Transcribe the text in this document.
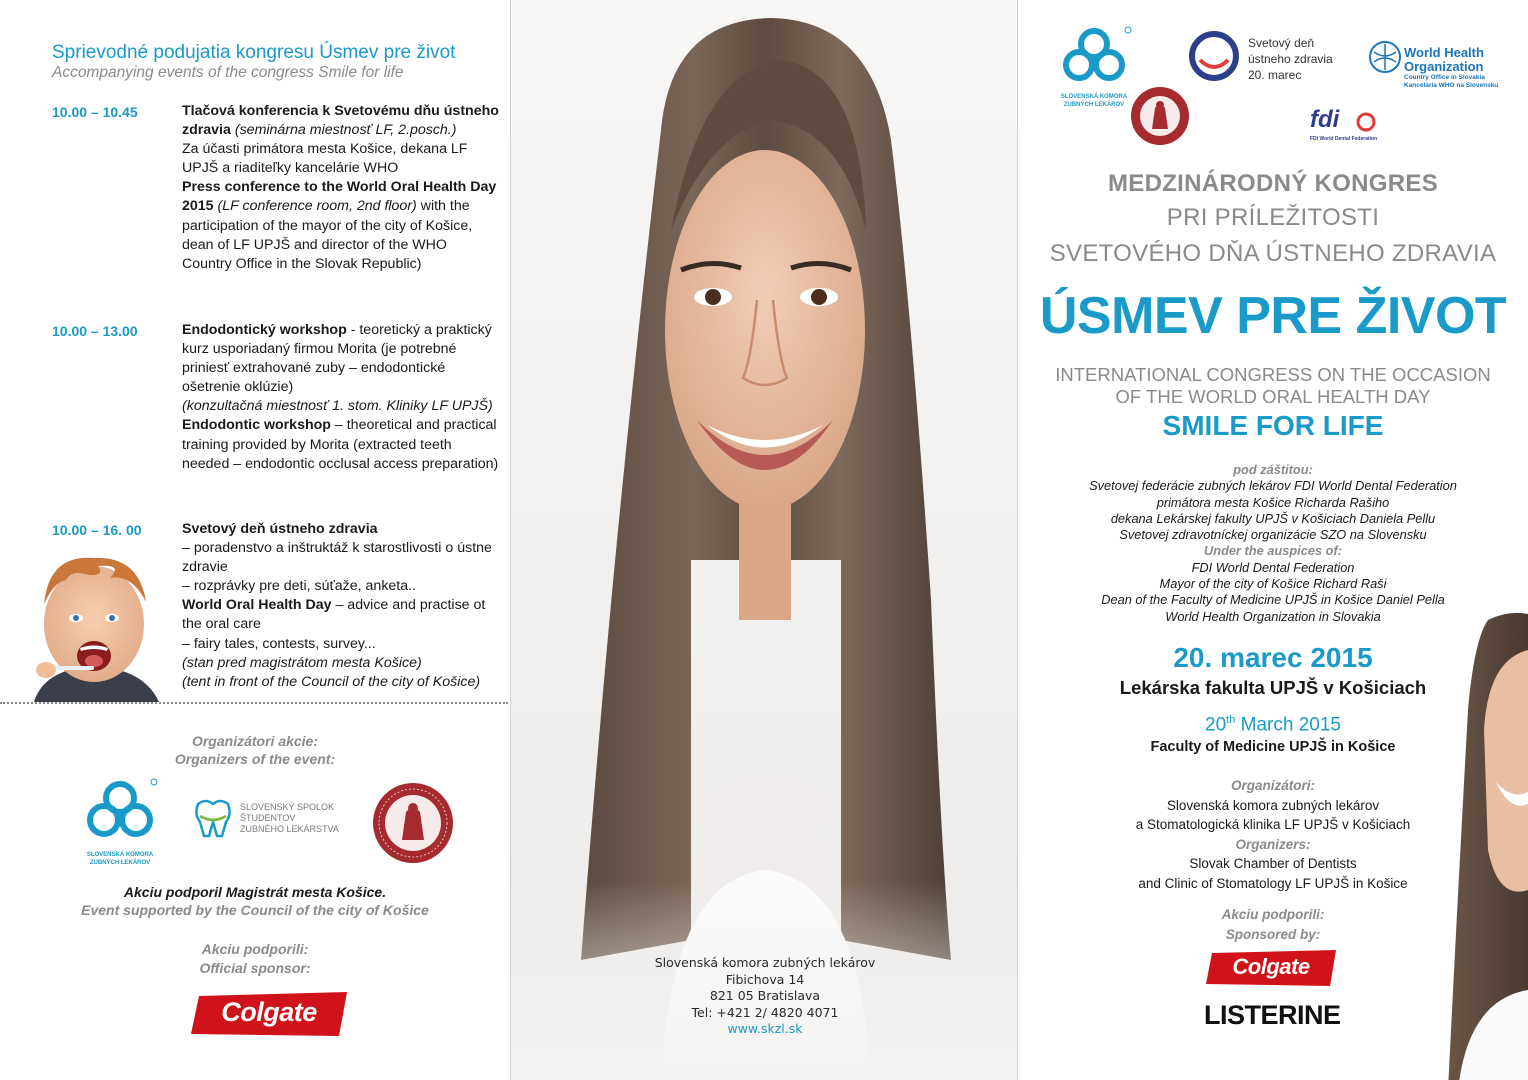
Sprievodné podujatia kongresu Úsmev pre život
Accompanying events of the congress Smile for life
10.00 – 10.45	Tlačová konferencia k Svetovému dňu ústneho zdravia (seminárna miestnosť LF, 2.posch.)
Za účasti primátora mesta Košice, dekana LF UPJŠ a riaditeľky kancelárie WHO
Press conference to the World Oral Health Day 2015 (LF conference room, 2nd floor) with the participation of the mayor of the city of Košice, dean of LF UPJŠ and director of the WHO Country Office in the Slovak Republic)
10.00 – 13.00	Endodontický workshop - teoretický a praktický kurz usporiadaný firmou Morita (je potrebné priniesť extrahované zuby – endodontické ošetrenie oklúzie)
(konzultačná miestnosť 1. stom. Kliniky LF UPJŠ)
Endodontic workshop – theoretical and practical training provided by Morita (extracted teeth needed – endodontic occlusal access preparation)
10.00 – 16. 00	Svetový deň ústneho zdravia
– poradenstvo a inštruktáž k starostlivosti o ústne zdravie
– rozprávky pre deti, súťaže, anketa..
World Oral Health Day – advice and practise ot the oral care
– fairy tales, contests, survey...
(stan pred magistrátom mesta Košice)
(tent in front of the Council of the city of Košice)
Organizátori akcie:
Organizers of the event:
SLOVENSKÁ KOMORA
ZUBNÝCH LEKÁROV
SLOVENSKÝ SPOLOK
ŠTUDENTOV
ZUBNÉHO LEKÁRSTVA
Akciu podporil Magistrát mesta Košice.
Event supported by the Council of the city of Košice
Akciu podporili:
Official sponsor:
Colgate
Slovenská komora zubných lekárov
Fibichova 14
821 05 Bratislava
Tel: +421 2/ 4820 4071
www.skzl.sk
SLOVENSKÁ KOMORA
ZUBNÝCH LEKÁROV
Svetový deň
ústneho zdravia
20. marec
World Health
Organization
Country Office in Slovakia
Kancelária WHO na Slovensku
fdi
FDI World Dental Federation
MEDZINÁRODNÝ KONGRES
PRI PRÍLEŽITOSTI
SVETOVÉHO DŇA ÚSTNEHO ZDRAVIA
ÚSMEV PRE ŽIVOT
INTERNATIONAL CONGRESS ON THE OCCASION
OF THE WORLD ORAL HEALTH DAY
SMILE FOR LIFE
pod záštitou:
Svetovej federácie zubných lekárov FDI World Dental Federation
primátora mesta Košice Richarda Rašiho
dekana Lekárskej fakulty UPJŠ v Košiciach Daniela Pellu
Svetovej zdravotníckej organizácie SZO na Slovensku
Under the auspices of:
FDI World Dental Federation
Mayor of the city of Košice Richard Raši
Dean of the Faculty of Medicine UPJŠ in Košice Daniel Pella
World Health Organization in Slovakia
20. marec 2015
Lekárska fakulta UPJŠ v Košiciach
20th March 2015
Faculty of Medicine UPJŠ in Košice
Organizátori:
Slovenská komora zubných lekárov
a Stomatologická klinika LF UPJŠ v Košiciach
Organizers:
Slovak Chamber of Dentists
and Clinic of Stomatology LF UPJŠ in Košice
Akciu podporili:
Sponsored by:
Colgate
LISTERINE
